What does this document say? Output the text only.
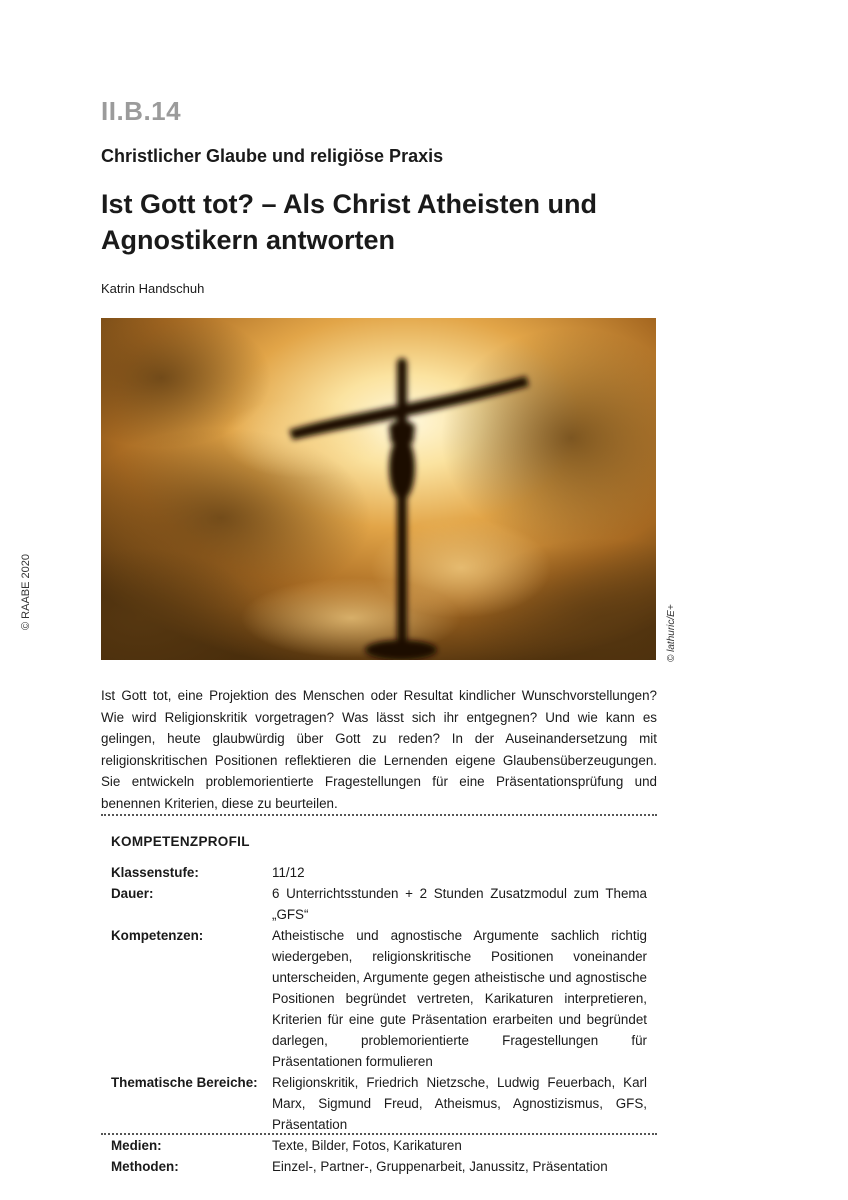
II.B.14
Christlicher Glaube und religiöse Praxis
Ist Gott tot? – Als Christ Atheisten und Agnostikern antworten
Katrin Handschuh
© RAABE 2020
© lathuric/E+
Ist Gott tot, eine Projektion des Menschen oder Resultat kindlicher Wunschvorstellungen? Wie wird Religionskritik vorgetragen? Was lässt sich ihr entgegnen? Und wie kann es gelingen, heute glaubwürdig über Gott zu reden? In der Auseinandersetzung mit religionskritischen Positionen reflektieren die Lernenden eigene Glaubensüberzeugungen. Sie entwickeln problemorientierte Fragestellungen für eine Präsentationsprüfung und benennen Kriterien, diese zu beurteilen.
KOMPETENZPROFIL
Klassenstufe:	11/12
Dauer:	6 Unterrichtsstunden + 2 Stunden Zusatzmodul zum Thema „GFS“
Kompetenzen:	Atheistische und agnostische Argumente sachlich richtig wiedergeben, religionskritische Positionen voneinander unterscheiden, Argumente gegen atheistische und agnostische Positionen begründet vertreten, Karikaturen interpretieren, Kriterien für eine gute Präsentation erarbeiten und begründet darlegen, problemorientierte Fragestellungen für Präsentationen formulieren
Thematische Bereiche:	Religionskritik, Friedrich Nietzsche, Ludwig Feuerbach, Karl Marx, Sigmund Freud, Atheismus, Agnostizismus, GFS, Präsentation
Medien:	Texte, Bilder, Fotos, Karikaturen
Methoden:	Einzel-, Partner-, Gruppenarbeit, Janussitz, Präsentation
